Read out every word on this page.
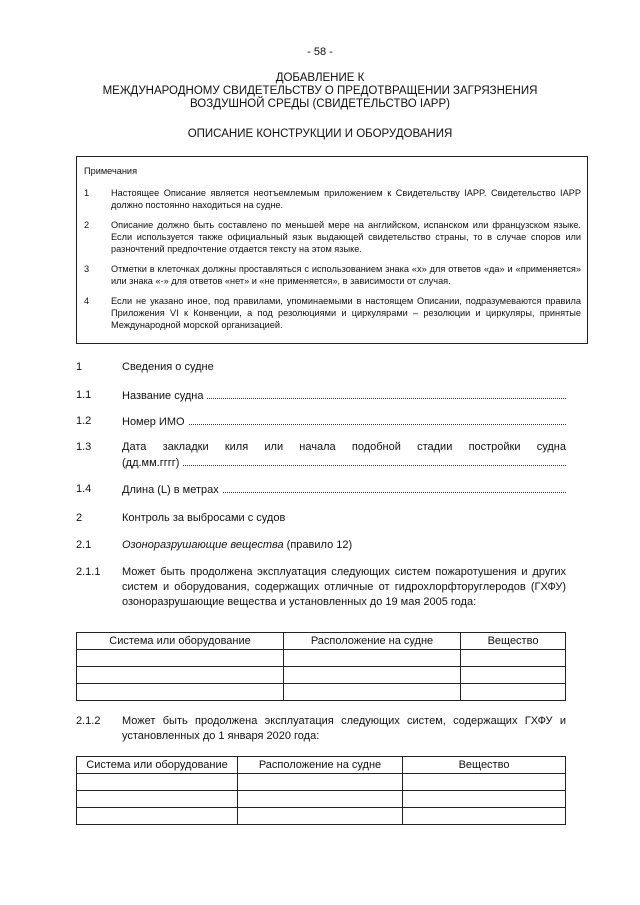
- 58 -
ДОБАВЛЕНИЕ К
МЕЖДУНАРОДНОМУ СВИДЕТЕЛЬСТВУ О ПРЕДОТВРАЩЕНИИ ЗАГРЯЗНЕНИЯ
ВОЗДУШНОЙ СРЕДЫ (СВИДЕТЕЛЬСТВО IAPP)
ОПИСАНИЕ КОНСТРУКЦИИ И ОБОРУДОВАНИЯ
Примечания
1	Настоящее Описание является неотъемлемым приложением к Свидетельству IAPP. Свидетельство IAPP должно постоянно находиться на судне.
2	Описание должно быть составлено по меньшей мере на английском, испанском или французском языке. Если используется также официальный язык выдающей свидетельство страны, то в случае споров или разночтений предпочтение отдается тексту на этом языке.
3	Отметки в клеточках должны проставляться с использованием знака «x» для ответов «да» и «применяется» или знака «-» для ответов «нет» и «не применяется», в зависимости от случая.
4	Если не указано иное, под правилами, упоминаемыми в настоящем Описании, подразумеваются правила Приложения VI к Конвенции, а под резолюциями и циркулярами – резолюции и циркуляры, принятые Международной морской организацией.
1	Сведения о судне
1.1	Название судна
1.2	Номер ИМО
1.3	Дата закладки киля или начала подобной стадии постройки судна
(дд.мм.гггг)
1.4	Длина (L) в метрах
2	Контроль за выбросами с судов
2.1	Озоноразрушающие вещества (правило 12)
2.1.1	Может быть продолжена эксплуатация следующих систем пожаротушения и других систем и оборудования, содержащих отличные от гидрохлорфторуглеродов (ГХФУ) озоноразрушающие вещества и установленных до 19 мая 2005 года:
Система или оборудование	Расположение на судне	Вещество

2.1.2	Может быть продолжена эксплуатация следующих систем, содержащих ГХФУ и установленных до 1 января 2020 года:
Система или оборудование	Расположение на судне	Вещество
